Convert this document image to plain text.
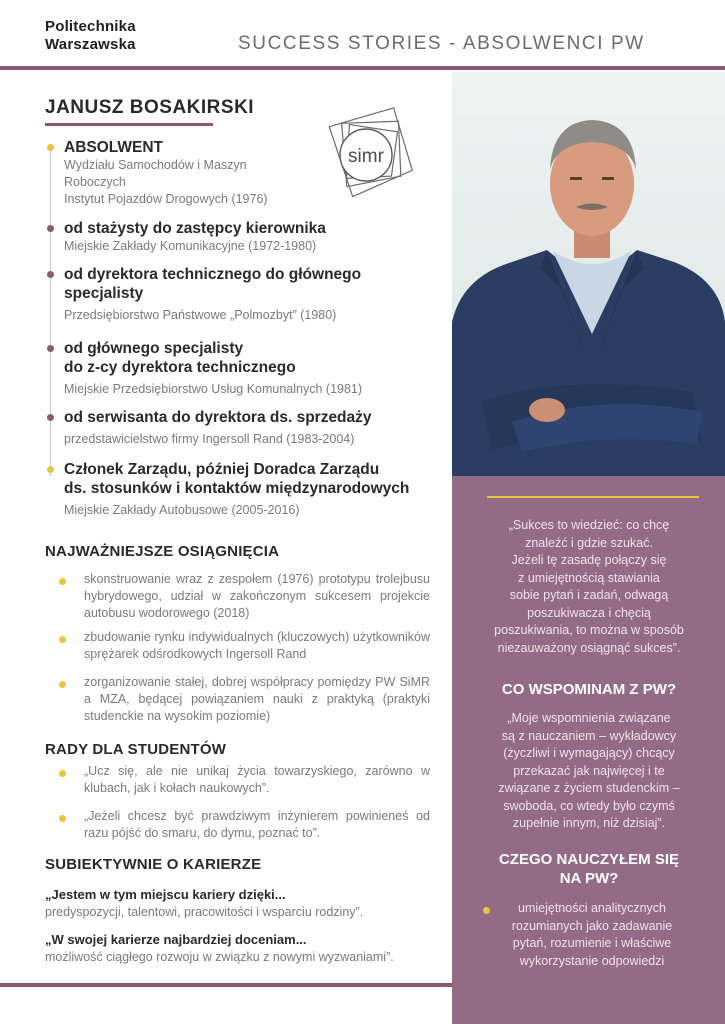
Politechnika
Warszawska	SUCCESS STORIES - ABSOLWENCI PW
JANUSZ BOSAKIRSKI
simr
ABSOLWENT
Wydziału Samochodów i Maszyn
Roboczych
Instytut Pojazdów Drogowych (1976)
od stażysty do zastępcy kierownika
Miejskie Zakłady Komunikacyjne (1972-1980)
od dyrektora technicznego do głównego
specjalisty
Przedsiębiorstwo Państwowe „Polmozbyt” (1980)
od głównego specjalisty
do z-cy dyrektora technicznego
Miejskie Przedsiębiorstwo Usług Komunalnych (1981)
od serwisanta do dyrektora ds. sprzedaży
przedstawicielstwo firmy Ingersoll Rand (1983-2004)
Członek Zarządu, później Doradca Zarządu
ds. stosunków i kontaktów międzynarodowych
Miejskie Zakłady Autobusowe (2005-2016)
NAJWAŻNIEJSZE OSIĄGNIĘCIA
skonstruowanie wraz z zespołem (1976) prototypu trolejbusu hybrydowego, udział w zakończonym sukcesem projekcie autobusu wodorowego (2018)
zbudowanie rynku indywidualnych (kluczowych) użytkowników sprężarek odśrodkowych Ingersoll Rand
zorganizowanie stałej, dobrej współpracy pomiędzy PW SiMR a MZA, będącej powiązaniem nauki z praktyką (praktyki studenckie na wysokim poziomie)
RADY DLA STUDENTÓW
„Ucz się, ale nie unikaj życia towarzyskiego, zarówno w klubach, jak i kołach naukowych”.
„Jeżeli chcesz być prawdziwym inżynierem powinieneś od razu pójść do smaru, do dymu, poznać to”.
SUBIEKTYWNIE O KARIERZE
„Jestem w tym miejscu kariery dzięki...
predyspozycji, talentowi, pracowitości i wsparciu rodziny”.
„W swojej karierze najbardziej doceniam...
możliwość ciągłego rozwoju w związku z nowymi wyzwaniami”.
„Sukces to wiedzieć: co chcę
znaleźć i gdzie szukać.
Jeżeli tę zasadę połączy się
z umiejętnością stawiania
sobie pytań i zadań, odwagą
poszukiwacza i chęcią
poszukiwania, to można w sposób
niezauważony osiągnąć sukces”.
CO WSPOMINAM Z PW?
„Moje wspomnienia związane
są z nauczaniem – wykładowcy
(życzliwi i wymagający) chcący
przekazać jak najwięcej i te
związane z życiem studenckim –
swoboda, co wtedy było czymś
zupełnie innym, niż dzisiaj”.
CZEGO NAUCZYŁEM SIĘ
NA PW?
umiejętności analitycznych
rozumianych jako zadawanie
pytań, rozumienie i właściwe
wykorzystanie odpowiedzi
